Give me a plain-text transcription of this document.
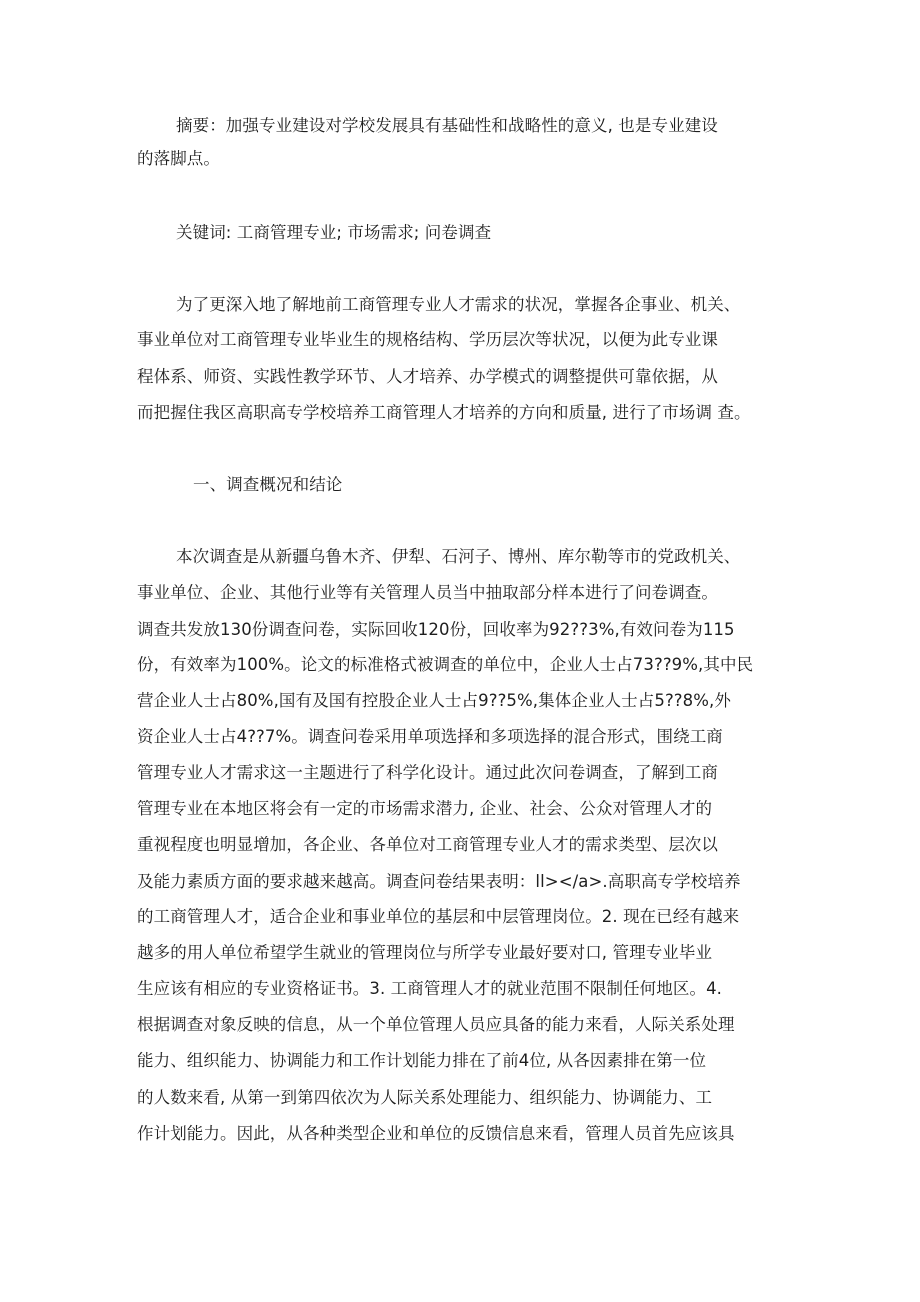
摘要：加强专业建设对学校发展具有基础性和战略性的意义, 也是专业建设
的落脚点。
关键词: 工商管理专业; 市场需求; 问卷调查
为了更深入地了解地前工商管理专业人才需求的状况，掌握各企事业、机关、
事业单位对工商管理专业毕业生的规格结构、学历层次等状况，以便为此专业课
程体系、师资、实践性教学环节、人才培养、办学模式的调整提供可靠依据，从
而把握住我区高职高专学校培养工商管理人才培养的方向和质量, 进行了市场调 查。
一、调查概况和结论
本次调查是从新疆乌鲁木齐、伊犁、石河子、博州、库尔勒等市的党政机关、
事业单位、企业、其他行业等有关管理人员当中抽取部分样本进行了问卷调查。
调查共发放130份调查问卷，实际回收120份，回收率为92??3%,有效问卷为115
份，有效率为100%。论文的标准格式被调查的单位中，企业人士占73??9%,其中民
营企业人士占80%,国有及国有控股企业人士占9??5%,集体企业人士占5??8%,外
资企业人士占4??7%。调查问卷采用单项选择和多项选择的混合形式，围绕工商
管理专业人才需求这一主题进行了科学化设计。通过此次问卷调查，了解到工商
管理专业在本地区将会有一定的市场需求潜力, 企业、社会、公众对管理人才的
重视程度也明显增加，各企业、各单位对工商管理专业人才的需求类型、层次以
及能力素质方面的要求越来越高。调查问卷结果表明：ll></a>.高职高专学校培养
的工商管理人才，适合企业和事业单位的基层和中层管理岗位。2. 现在已经有越来
越多的用人单位希望学生就业的管理岗位与所学专业最好要对口, 管理专业毕业
生应该有相应的专业资格证书。3. 工商管理人才的就业范围不限制任何地区。4.
根据调查对象反映的信息，从一个单位管理人员应具备的能力来看，人际关系处理
能力、组织能力、协调能力和工作计划能力排在了前4位, 从各因素排在第一位
的人数来看, 从第一到第四依次为人际关系处理能力、组织能力、协调能力、工
作计划能力。因此，从各种类型企业和单位的反馈信息来看，管理人员首先应该具
